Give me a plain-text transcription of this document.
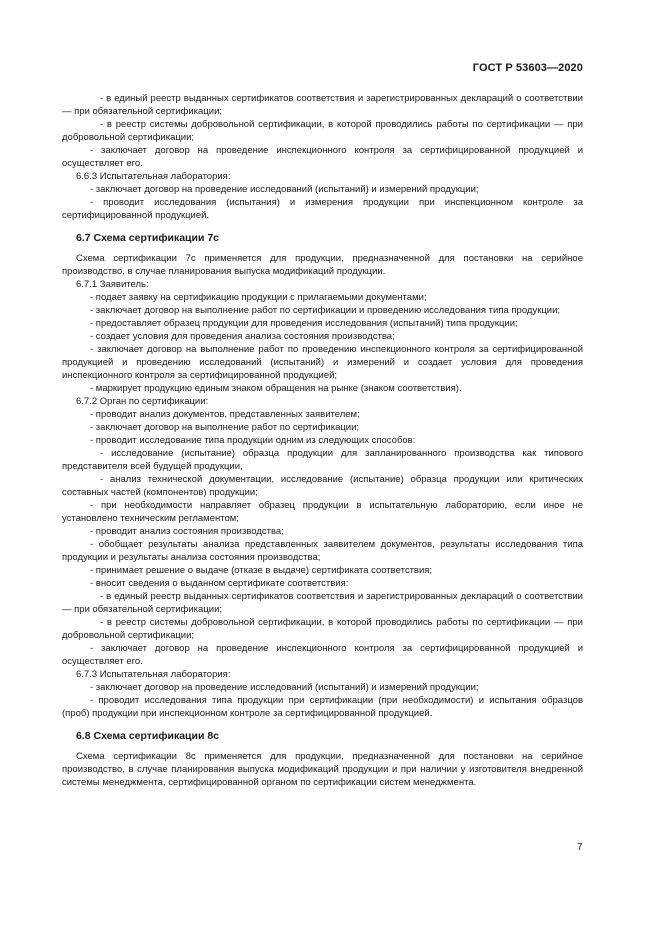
ГОСТ Р 53603—2020

- в единый реестр выданных сертификатов соответствия и зарегистрированных деклараций о соответствии — при обязательной сертификации;

- в реестр системы добровольной сертификации, в которой проводились работы по сертификации — при добровольной сертификации;

- заключает договор на проведение инспекционного контроля за сертифицированной продукцией и осуществляет его.

6.6.3 Испытательная лаборатория:

- заключает договор на проведение исследований (испытаний) и измерений продукции;

- проводит исследования (испытания) и измерения продукции при инспекционном контроле за сертифицированной продукцией.

6.7 Схема сертификации 7с

Схема сертификации 7с применяется для продукции, предназначенной для постановки на серийное производство, в случае планирования выпуска модификаций продукции.

6.7.1 Заявитель:

- подает заявку на сертификацию продукции с прилагаемыми документами;

- заключает договор на выполнение работ по сертификации и проведению исследования типа продукции;

- предоставляет образец продукции для проведения исследования (испытаний) типа продукции;

- создает условия для проведения анализа состояния производства;

- заключает договор на выполнение работ по проведению инспекционного контроля за сертифицированной продукцией и проведению исследований (испытаний) и измерений и создает условия для проведения инспекционного контроля за сертифицированной продукцией;

- маркирует продукцию единым знаком обращения на рынке (знаком соответствия).

6.7.2 Орган по сертификации:

- проводит анализ документов, представленных заявителем;

- заключает договор на выполнение работ по сертификации;

- проводит исследование типа продукции одним из следующих способов:

- исследование (испытание) образца продукции для запланированного производства как типового представителя всей будущей продукции,

- анализ технической документации, исследование (испытание) образца продукции или критических составных частей (компонентов) продукции;

- при необходимости направляет образец продукции в испытательную лабораторию, если иное не установлено техническим регламентом;

- проводит анализ состояния производства;

- обобщает результаты анализа представленных заявителем документов, результаты исследования типа продукции и результаты анализа состояния производства;

- принимает решение о выдаче (отказе в выдаче) сертификата соответствия;

- вносит сведения о выданном сертификате соответствия:

- в единый реестр выданных сертификатов соответствия и зарегистрированных деклараций о соответствии — при обязательной сертификации;

- в реестр системы добровольной сертификации, в которой проводились работы по сертификации — при добровольной сертификации;

- заключает договор на проведение инспекционного контроля за сертифицированной продукцией и осуществляет его.

6.7.3 Испытательная лаборатория:

- заключает договор на проведение исследований (испытаний) и измерений продукции;

- проводит исследования типа продукции при сертификации (при необходимости) и испытания образцов (проб) продукции при инспекционном контроле за сертифицированной продукцией.

6.8 Схема сертификации 8с

Схема сертификации 8с применяется для продукции, предназначенной для постановки на серийное производство, в случае планирования выпуска модификаций продукции и при наличии у изготовителя внедренной системы менеджмента, сертифицированной органом по сертификации систем менеджмента.

7
